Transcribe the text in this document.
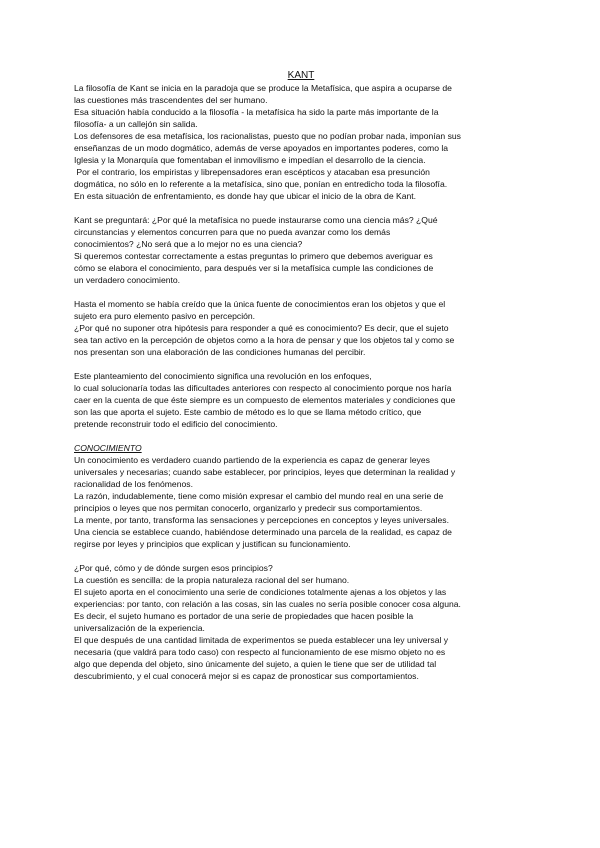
KANT
La filosofía de Kant se inicia en la paradoja que se produce la Metafísica, que aspira a ocuparse de
las cuestiones más trascendentes del ser humano.
Esa situación había conducido a la filosofía - la metafísica ha sido la parte más importante de la
filosofía- a un callejón sin salida.
Los defensores de esa metafísica, los racionalistas, puesto que no podían probar nada, imponían sus
enseñanzas de un modo dogmático, además de verse apoyados en importantes poderes, como la
Iglesia y la Monarquía que fomentaban el inmovilismo e impedían el desarrollo de la ciencia.
Por el contrario, los empiristas y librepensadores eran escépticos y atacaban esa presunción
dogmática, no sólo en lo referente a la metafísica, sino que, ponían en entredicho toda la filosofía.
En esta situación de enfrentamiento, es donde hay que ubicar el inicio de la obra de Kant.
Kant se preguntará: ¿Por qué la metafísica no puede instaurarse como una ciencia más? ¿Qué
circunstancias y elementos concurren para que no pueda avanzar como los demás
conocimientos? ¿No será que a lo mejor no es una ciencia?
Si queremos contestar correctamente a estas preguntas lo primero que debemos averiguar es
cómo se elabora el conocimiento, para después ver si la metafísica cumple las condiciones de
un verdadero conocimiento.
Hasta el momento se había creído que la única fuente de conocimientos eran los objetos y que el
sujeto era puro elemento pasivo en percepción.
¿Por qué no suponer otra hipótesis para responder a qué es conocimiento? Es decir, que el sujeto
sea tan activo en la percepción de objetos como a la hora de pensar y que los objetos tal y como se
nos presentan son una elaboración de las condiciones humanas del percibir.
Este planteamiento del conocimiento significa una revolución en los enfoques,
lo cual solucionaría todas las dificultades anteriores con respecto al conocimiento porque nos haría
caer en la cuenta de que éste siempre es un compuesto de elementos materiales y condiciones que
son las que aporta el sujeto. Este cambio de método es lo que se llama método crítico, que
pretende reconstruir todo el edificio del conocimiento.
CONOCIMIENTO
Un conocimiento es verdadero cuando partiendo de la experiencia es capaz de generar leyes
universales y necesarias; cuando sabe establecer, por principios, leyes que determinan la realidad y
racionalidad de los fenómenos.
La razón, indudablemente, tiene como misión expresar el cambio del mundo real en una serie de
principios o leyes que nos permitan conocerlo, organizarlo y predecir sus comportamientos.
La mente, por tanto, transforma las sensaciones y percepciones en conceptos y leyes universales.
Una ciencia se establece cuando, habiéndose determinado una parcela de la realidad, es capaz de
regirse por leyes y principios que explican y justifican su funcionamiento.
¿Por qué, cómo y de dónde surgen esos principios?
La cuestión es sencilla: de la propia naturaleza racional del ser humano.
El sujeto aporta en el conocimiento una serie de condiciones totalmente ajenas a los objetos y las
experiencias: por tanto, con relación a las cosas, sin las cuales no sería posible conocer cosa alguna.
Es decir, el sujeto humano es portador de una serie de propiedades que hacen posible la
universalización de la experiencia.
El que después de una cantidad limitada de experimentos se pueda establecer una ley universal y
necesaria (que valdrá para todo caso) con respecto al funcionamiento de ese mismo objeto no es
algo que dependa del objeto, sino únicamente del sujeto, a quien le tiene que ser de utilidad tal
descubrimiento, y el cual conocerá mejor si es capaz de pronosticar sus comportamientos.
